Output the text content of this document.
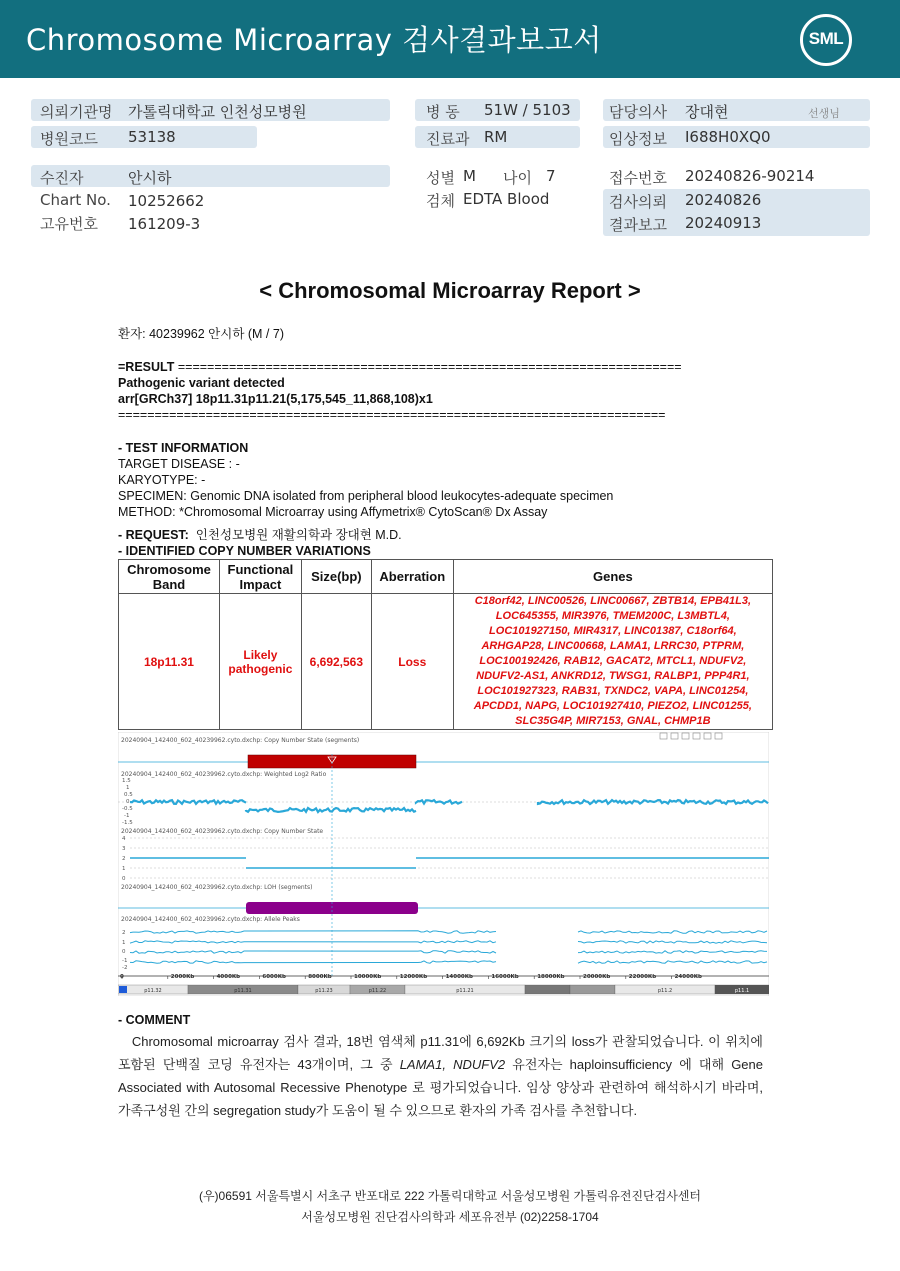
Chromosome Microarray 검사결과보고서	SML
의뢰기관명 가톨릭대학교 인천성모병원
병원코드 53138
병 동 51W / 5103
진료과 RM
담당의사 장대현	선생님
임상정보 I688H0XQ0
수진자	안시하
Chart No. 10252662
고유번호 161209-3
성별 M 나이 7
검체 EDTA Blood
접수번호 20240826-90214
검사의뢰 20240826
결과보고 20240913
< Chromosomal Microarray Report >
환자: 40239962 안시하 (M / 7)
=RESULT =====================================================================
Pathogenic variant detected
arr[GRCh37] 18p11.31p11.21(5,175,545_11,868,108)x1
===========================================================================
- TEST INFORMATION
TARGET DISEASE : -
KARYOTYPE: -
SPECIMEN: Genomic DNA isolated from peripheral blood leukocytes-adequate specimen
METHOD: *Chromosomal Microarray using Affymetrix® CytoScan® Dx Assay
- REQUEST: 인천성모병원 재활의학과 장대현 M.D.
- IDENTIFIED COPY NUMBER VARIATIONS
Chromosome Band	Functional Impact	Size(bp)	Aberration	Genes
18p11.31	Likely pathogenic	6,692,563	Loss	C18orf42, LINC00526, LINC00667, ZBTB14, EPB41L3, LOC645355, MIR3976, TMEM200C, L3MBTL4, LOC101927150, MIR4317, LINC01387, C18orf64, ARHGAP28, LINC00668, LAMA1, LRRC30, PTPRM, LOC100192426, RAB12, GACAT2, MTCL1, NDUFV2, NDUFV2-AS1, ANKRD12, TWSG1, RALBP1, PPP4R1, LOC101927323, RAB31, TXNDC2, VAPA, LINC01254, APCDD1, NAPG, LOC101927410, PIEZO2, LINC01255, SLC35G4P, MIR7153, GNAL, CHMP1B
20240904_142400_602_40239962.cyto.dxchp: Copy Number State (segments)
20240904_142400_602_40239962.cyto.dxchp: Weighted Log2 Ratio
1.5
1
0.5
0
-0.5
-1
-1.5
20240904_142400_602_40239962.cyto.dxchp: Copy Number State
4
3
2
1
0
20240904_142400_602_40239962.cyto.dxchp: LOH (segments)
20240904_142400_602_40239962.cyto.dxchp: Allele Peaks
2
1
0
-1
-2
0	2000Kb	4000Kb	6000Kb	8000Kb	10000Kb	12000Kb	14000Kb	16000Kb	18000Kb	20000Kb	22000Kb	24000Kb
p11.32	p11.31	p11.23	p11.22	p11.21	p11.2	p11.1
- COMMENT
Chromosomal microarray 검사 결과, 18번 염색체 p11.31에 6,692Kb 크기의 loss가 관찰되었습니다. 이 위치에 포함된 단백질 코딩 유전자는 43개이며, 그 중 LAMA1, NDUFV2 유전자는 haploinsufficiency 에 대해 Gene Associated with Autosomal Recessive Phenotype 로 평가되었습니다. 임상 양상과 관련하여 해석하시기 바라며, 가족구성원 간의 segregation study가 도움이 될 수 있으므로 환자의 가족 검사를 추천합니다.
(우)06591 서울특별시 서초구 반포대로 222 가톨릭대학교 서울성모병원 가톨릭유전진단검사센터
서울성모병원 진단검사의학과 세포유전부 (02)2258-1704
